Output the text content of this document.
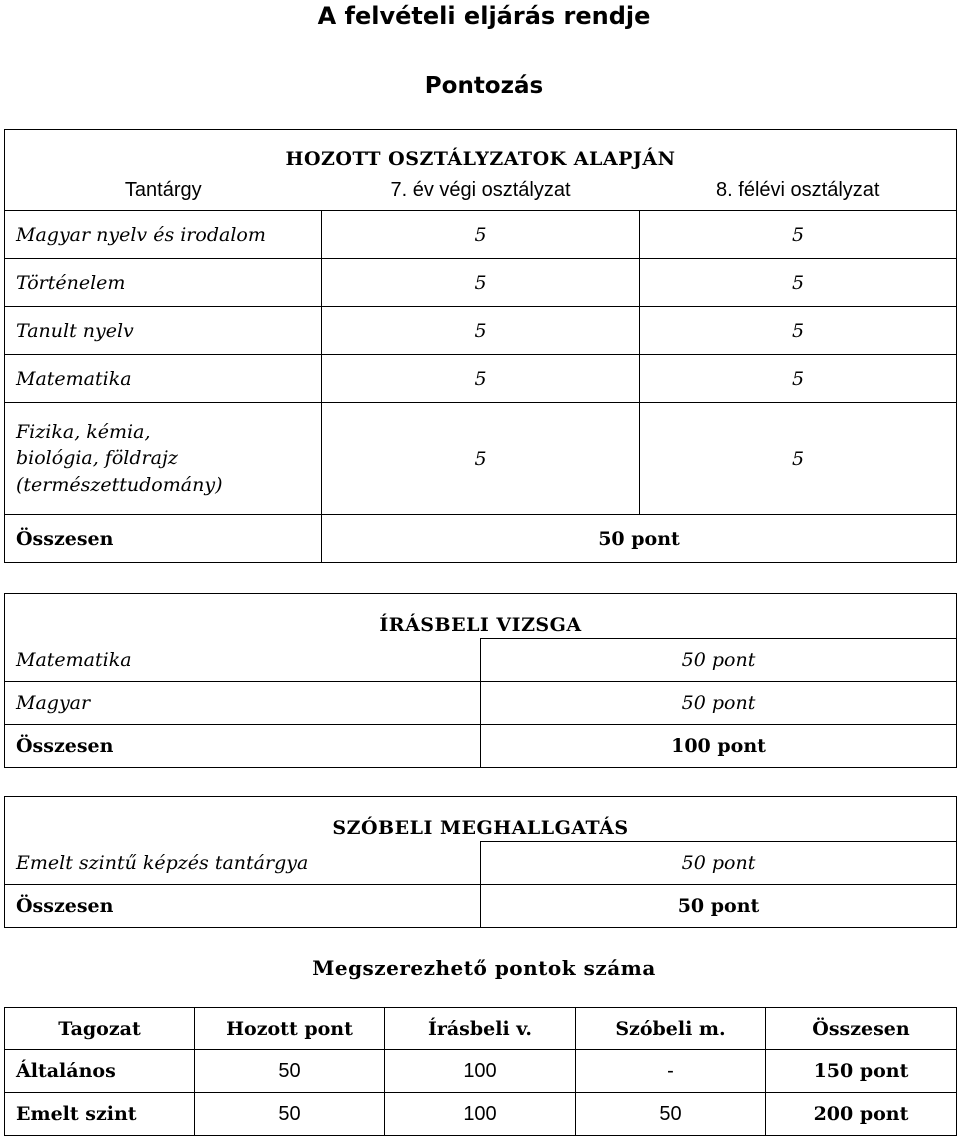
A felvételi eljárás rendje
Pontozás
HOZOTT OSZTÁLYZATOK ALAPJÁN		
Tantárgy	7. év végi osztályzat	8. félévi osztályzat
Magyar nyelv és irodalom	5	5
Történelem	5	5
Tanult nyelv	5	5
Matematika	5	5

Fizika, kémia,
biológia, földrajz
(természettudomány)	5	5
Összesen	50 pont	
ÍRÁSBELI VIZSGA	
Matematika	50 pont
Magyar	50 pont
Összesen	100 pont
SZÓBELI MEGHALLGATÁS	
Emelt szintű képzés tantárgya	50 pont
Összesen	50 pont
Megszerezhető pontok száma
Tagozat	Hozott pont	Írásbeli v.	Szóbeli m.	Összesen
Általános	50	100	-	150 pont
Emelt szint	50	100	50	200 pont
